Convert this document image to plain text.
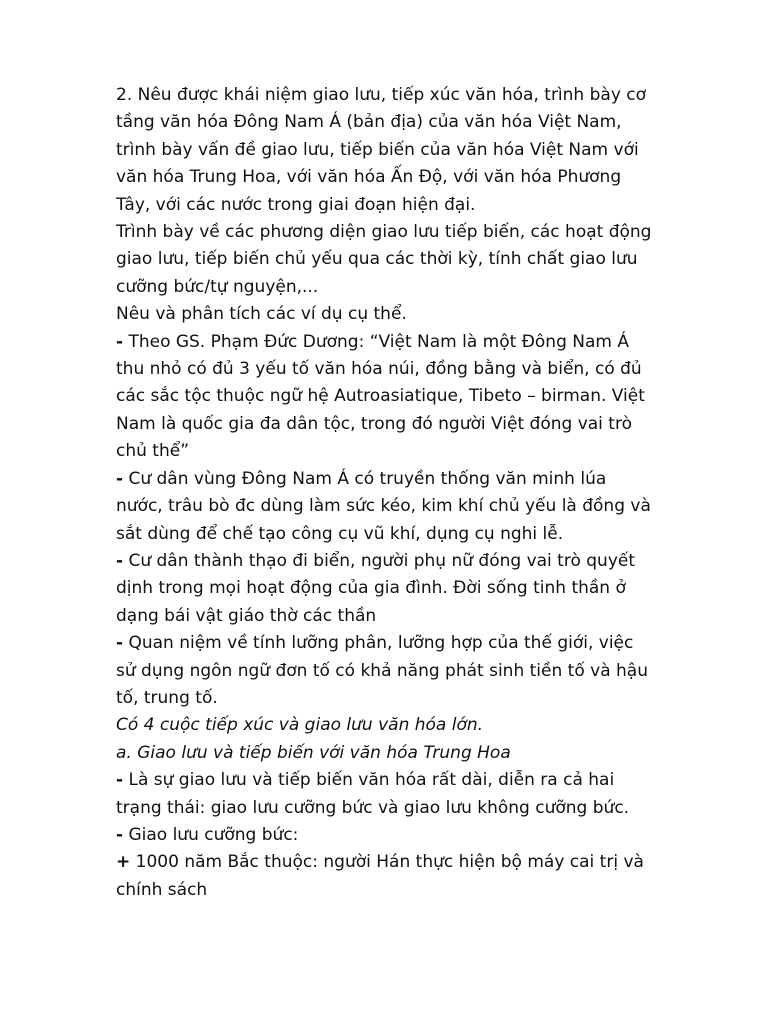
2. Nêu được khái niệm giao lưu, tiếp xúc văn hóa, trình bày cơ tầng văn hóa Đông Nam Á (bản địa) của văn hóa Việt Nam, trình bày vấn đề giao lưu, tiếp biến của văn hóa Việt Nam với văn hóa Trung Hoa, với văn hóa Ấn Độ, với văn hóa Phương Tây, với các nước trong giai đoạn hiện đại.

Trình bày về các phương diện giao lưu tiếp biến, các hoạt động giao lưu, tiếp biến chủ yếu qua các thời kỳ, tính chất giao lưu cưỡng bức/tự nguyện,...

Nêu và phân tích các ví dụ cụ thể.

- Theo GS. Phạm Đức Dương: “Việt Nam là một Đông Nam Á thu nhỏ có đủ 3 yếu tố văn hóa núi, đồng bằng và biển, có đủ các sắc tộc thuộc ngữ hệ Autroasiatique, Tibeto – birman. Việt Nam là quốc gia đa dân tộc, trong đó người Việt đóng vai trò chủ thể”

- Cư dân vùng Đông Nam Á có truyền thống văn minh lúa nước, trâu bò đc dùng làm sức kéo, kim khí chủ yếu là đồng và sắt dùng để chế tạo công cụ vũ khí, dụng cụ nghi lễ.

- Cư dân thành thạo đi biển, người phụ nữ đóng vai trò quyết dịnh trong mọi hoạt động của gia đình. Đời sống tinh thần ở dạng bái vật giáo thờ các thần

- Quan niệm về tính lưỡng phân, lưỡng hợp của thế giới, việc sử dụng ngôn ngữ đơn tố có khả năng phát sinh tiền tố và hậu tố, trung tố.

Có 4 cuộc tiếp xúc và giao lưu văn hóa lớn.

a. Giao lưu và tiếp biến với văn hóa Trung Hoa

- Là sự giao lưu và tiếp biến văn hóa rất dài, diễn ra cả hai trạng thái: giao lưu cưỡng bức và giao lưu không cưỡng bức.

- Giao lưu cưỡng bức:

+ 1000 năm Bắc thuộc: người Hán thực hiện bộ máy cai trị và chính sách
